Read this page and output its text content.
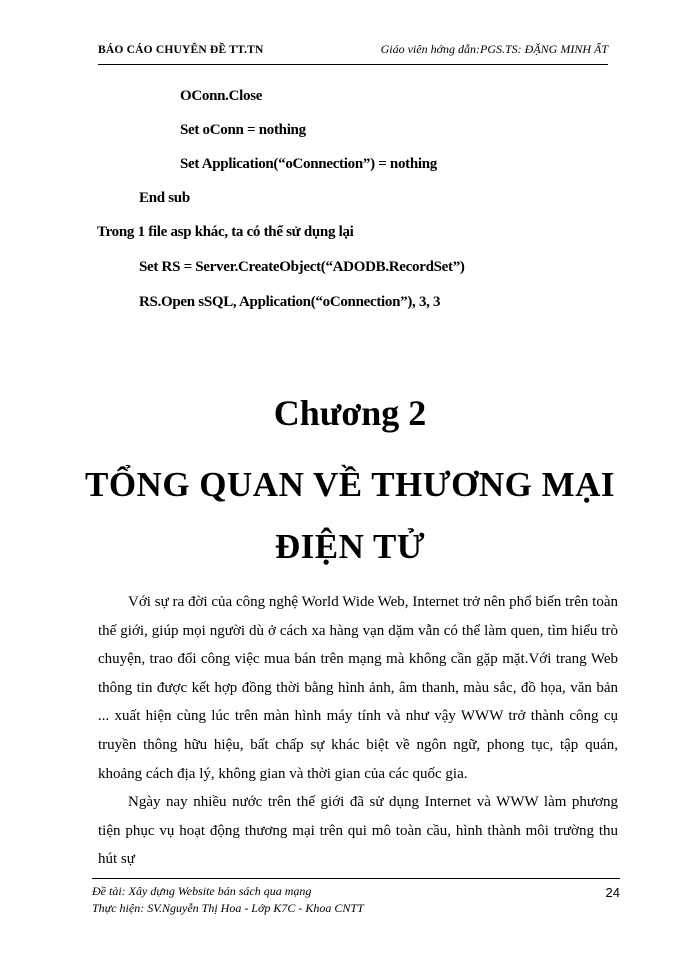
BÁO CÁO CHUYÊN ĐỀ TT.TN	Giáo viên hớng dẫn:PGS.TS: ĐẶNG MINH ẤT
OConn.Close
Set oConn = nothing
Set Application(“oConnection”) = nothing
End sub
Trong 1 file asp khác, ta có thể sử dụng lại
Set RS = Server.CreateObject(“ADODB.RecordSet”)
RS.Open sSQL, Application(“oConnection”), 3, 3
Chương 2
TỔNG QUAN VỀ THƯƠNG MẠI
ĐIỆN TỬ

Với sự ra đời của công nghệ World Wide Web, Internet trở nên phổ biến trên toàn thế giới, giúp mọi người dù ở cách xa hàng vạn dặm vẫn có thể làm quen, tìm hiểu trò chuyện, trao đổi công việc mua bán trên mạng mà không cần gặp mặt.Với trang Web thông tin được kết hợp đồng thời bằng hình ảnh, âm thanh, màu sắc, đồ họa, văn bản ... xuất hiện cùng lúc trên màn hình máy tính và như vậy WWW trở thành công cụ truyền thông hữu hiệu, bất chấp sự khác biệt về ngôn ngữ, phong tục, tập quán, khoảng cách địa lý, không gian và thời gian của các quốc gia.

Ngày nay nhiều nước trên thế giới đã sử dụng Internet và WWW làm phương tiện phục vụ hoạt động thương mại trên qui mô toàn cầu, hình thành môi trường thu hút sự

Đề tài: Xây dựng Website bán sách qua mạng
Thực hiện: SV.Nguyễn Thị Hoa - Lớp K7C - Khoa CNTT
24
